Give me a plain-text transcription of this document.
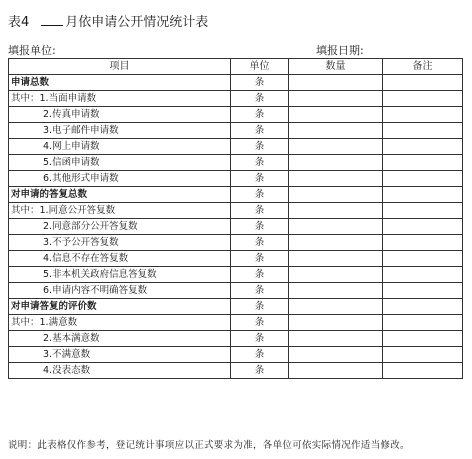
表4	月依申请公开情况统计表
填报单位:	填报日期:
项目	单位	数量	备注
申请总数	条		
其中：1.当面申请数	条		
2.传真申请数	条		
3.电子邮件申请数	条		
4.网上申请数	条		
5.信函申请数	条		
6.其他形式申请数	条		
对申请的答复总数	条		
其中：1.同意公开答复数	条		
2.同意部分公开答复数	条		
3.不予公开答复数	条		
4.信息不存在答复数	条		
5.非本机关政府信息答复数	条		
6.申请内容不明确答复数	条		
对申请答复的评价数	条		
其中：1.满意数	条		
2.基本满意数	条		
3.不满意数	条		
4.没表态数	条		
说明：此表格仅作参考，登记统计事项应以正式要求为准，各单位可依实际情况作适当修改。
